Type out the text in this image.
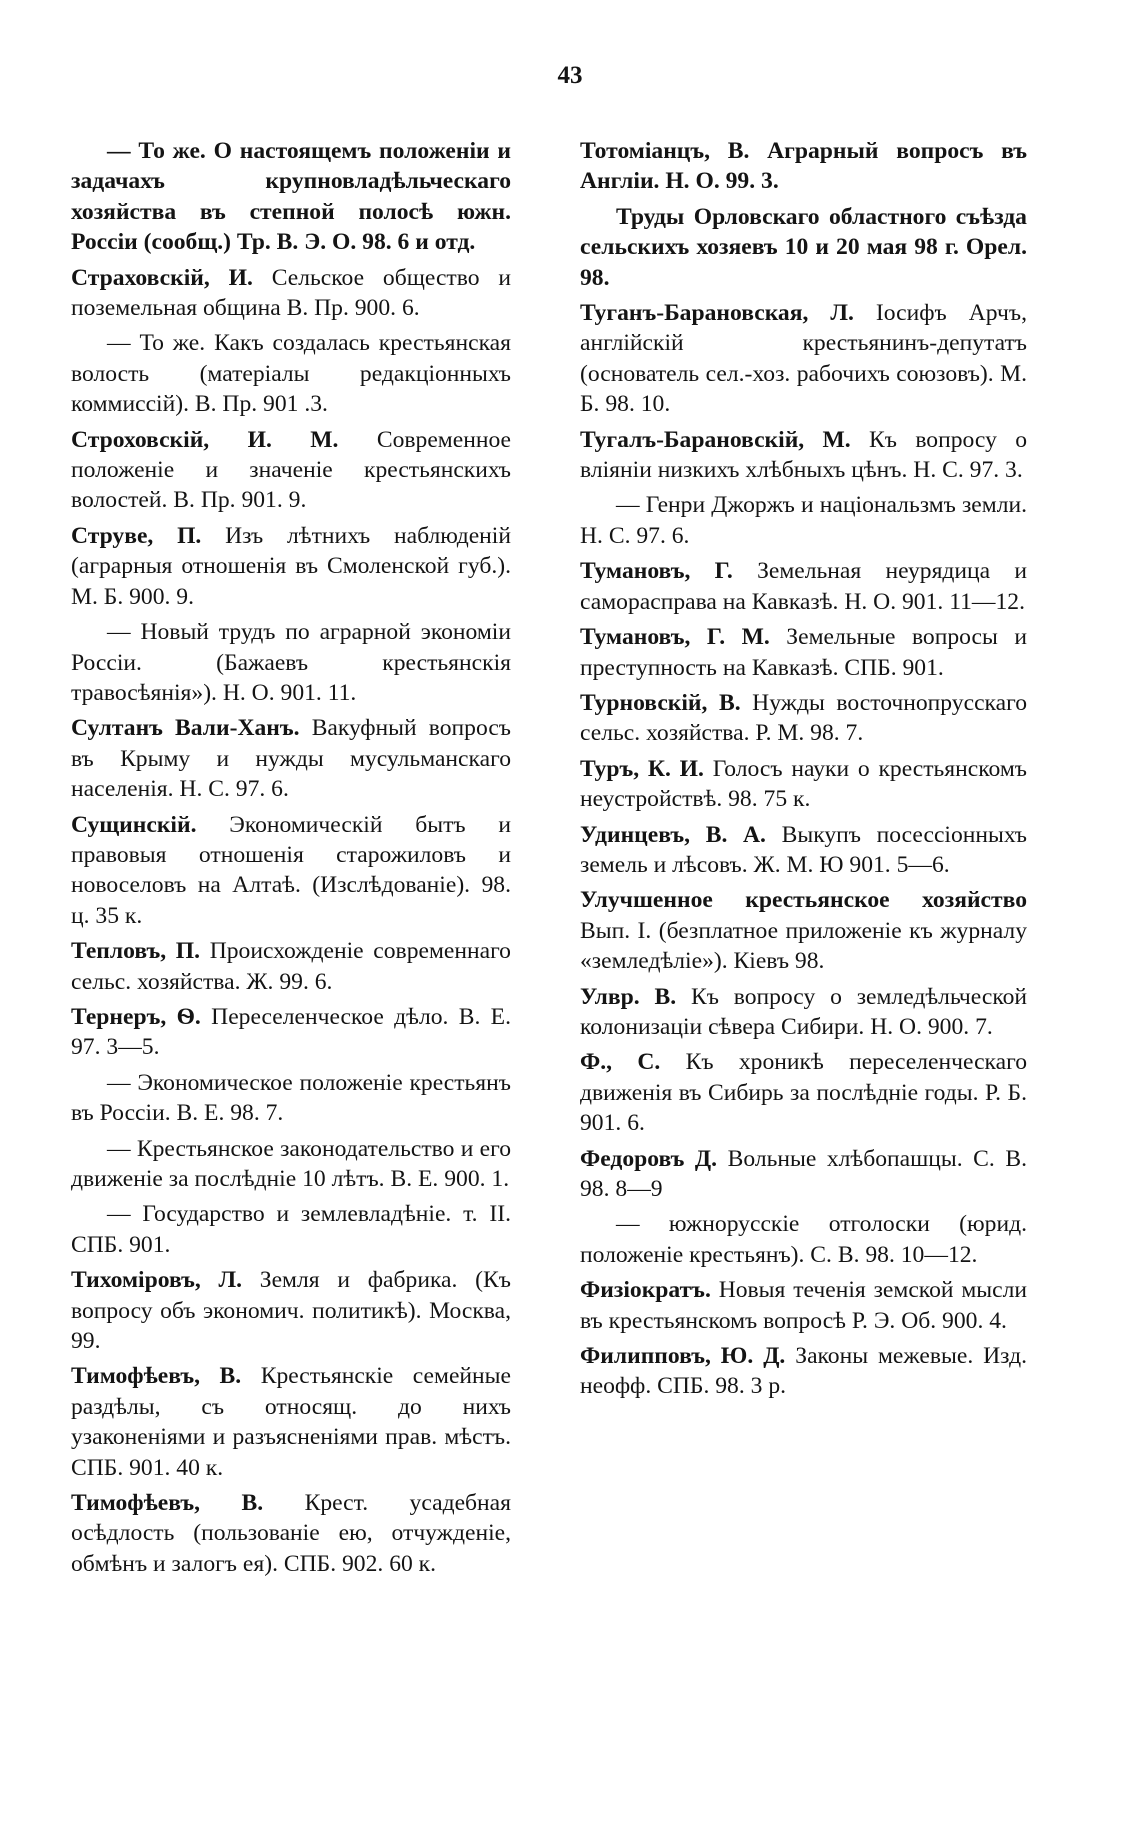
43

— То же. О настоящемъ положеніи и задачахъ крупновладѣльческаго хозяйства въ степной полосѣ южн. Россіи (сообщ.) Тр. В. Э. О. 98. 6 и отд.

Страховскій, И. Сельское общество и поземельная община В. Пр. 900. 6.

— То же. Какъ создалась крестьянская волость (матеріалы редакціонныхъ коммиссій). В. Пр. 901 .3.

Строховскій, И. М. Современное положеніе и значеніе крестьянскихъ волостей. В. Пр. 901. 9.

Струве, П. Изъ лѣтнихъ наблюденій (аграрныя отношенія въ Смоленской губ.). М. Б. 900. 9.

— Новый трудъ по аграрной экономіи Россіи. (Бажаевъ крестьянскія травосѣянія»). Н. О. 901. 11.

Султанъ Вали-Ханъ. Вакуфный вопросъ въ Крыму и нужды мусульманскаго населенія. Н. С. 97. 6.

Сущинскій. Экономическій бытъ и правовыя отношенія старожиловъ и новоселовъ на Алтаѣ. (Изслѣдованіе). 98. ц. 35 к.

Тепловъ, П. Происхожденіе современнаго сельс. хозяйства. Ж. 99. 6.

Тернеръ, Ѳ. Переселенческое дѣло. В. Е. 97. 3—5.

— Экономическое положеніе крестьянъ въ Россіи. В. Е. 98. 7.

— Крестьянское законодательство и его движеніе за послѣдніе 10 лѣтъ. В. Е. 900. 1.

— Государство и землевладѣніе. т. II. СПБ. 901.

Тихоміровъ, Л. Земля и фабрика. (Къ вопросу объ экономич. политикѣ). Москва, 99.

Тимофѣевъ, В. Крестьянскіе семейные раздѣлы, съ относящ. до нихъ узаконеніями и разъясненіями прав. мѣстъ. СПБ. 901. 40 к.

Тимофѣевъ, В. Крест. усадебная осѣдлость (пользованіе ею, отчужденіе, обмѣнъ и залогъ ея). СПБ. 902. 60 к.

Тотоміанцъ, В. Аграрный вопросъ въ Англіи. Н. О. 99. 3.

Труды Орловскаго областного съѣзда сельскихъ хозяевъ 10 и 20 мая 98 г. Орел. 98.

Туганъ-Барановская, Л. Іосифъ Арчъ, англійскій крестьянинъ-депутатъ (основатель сел.-хоз. рабочихъ союзовъ). М. Б. 98. 10.

Тугалъ-Барановскій, М. Къ вопросу о вліяніи низкихъ хлѣбныхъ цѣнъ. Н. С. 97. 3.

— Генри Джоржъ и національзмъ земли. Н. С. 97. 6.

Тумановъ, Г. Земельная неурядица и саморасправа на Кавказѣ. Н. О. 901. 11—12.

Тумановъ, Г. М. Земельные вопросы и преступность на Кавказѣ. СПБ. 901.

Турновскій, В. Нужды восточнопрусскаго сельс. хозяйства. Р. М. 98. 7.

Туръ, К. И. Голосъ науки о крестьянскомъ неустройствѣ. 98. 75 к.

Удинцевъ, В. А. Выкупъ посессіонныхъ земель и лѣсовъ. Ж. М. Ю 901. 5—6.

Улучшенное крестьянское хозяйство Вып. I. (безплатное приложеніе къ журналу «земледѣліе»). Кіевъ 98.

Улвр. В. Къ вопросу о земледѣльческой колонизаціи сѣвера Сибири. Н. О. 900. 7.

Ф., С. Къ хроникѣ переселенческаго движенія въ Сибирь за послѣдніе годы. Р. Б. 901. 6.

Федоровъ Д. Вольные хлѣбопашцы. С. В. 98. 8—9

— южнорусскіе отголоски (юрид. положеніе крестьянъ). С. В. 98. 10—12.

Физіократъ. Новыя теченія земской мысли въ крестьянскомъ вопросѣ Р. Э. Об. 900. 4.

Филипповъ, Ю. Д. Законы межевые. Изд. неофф. СПБ. 98. 3 р.
